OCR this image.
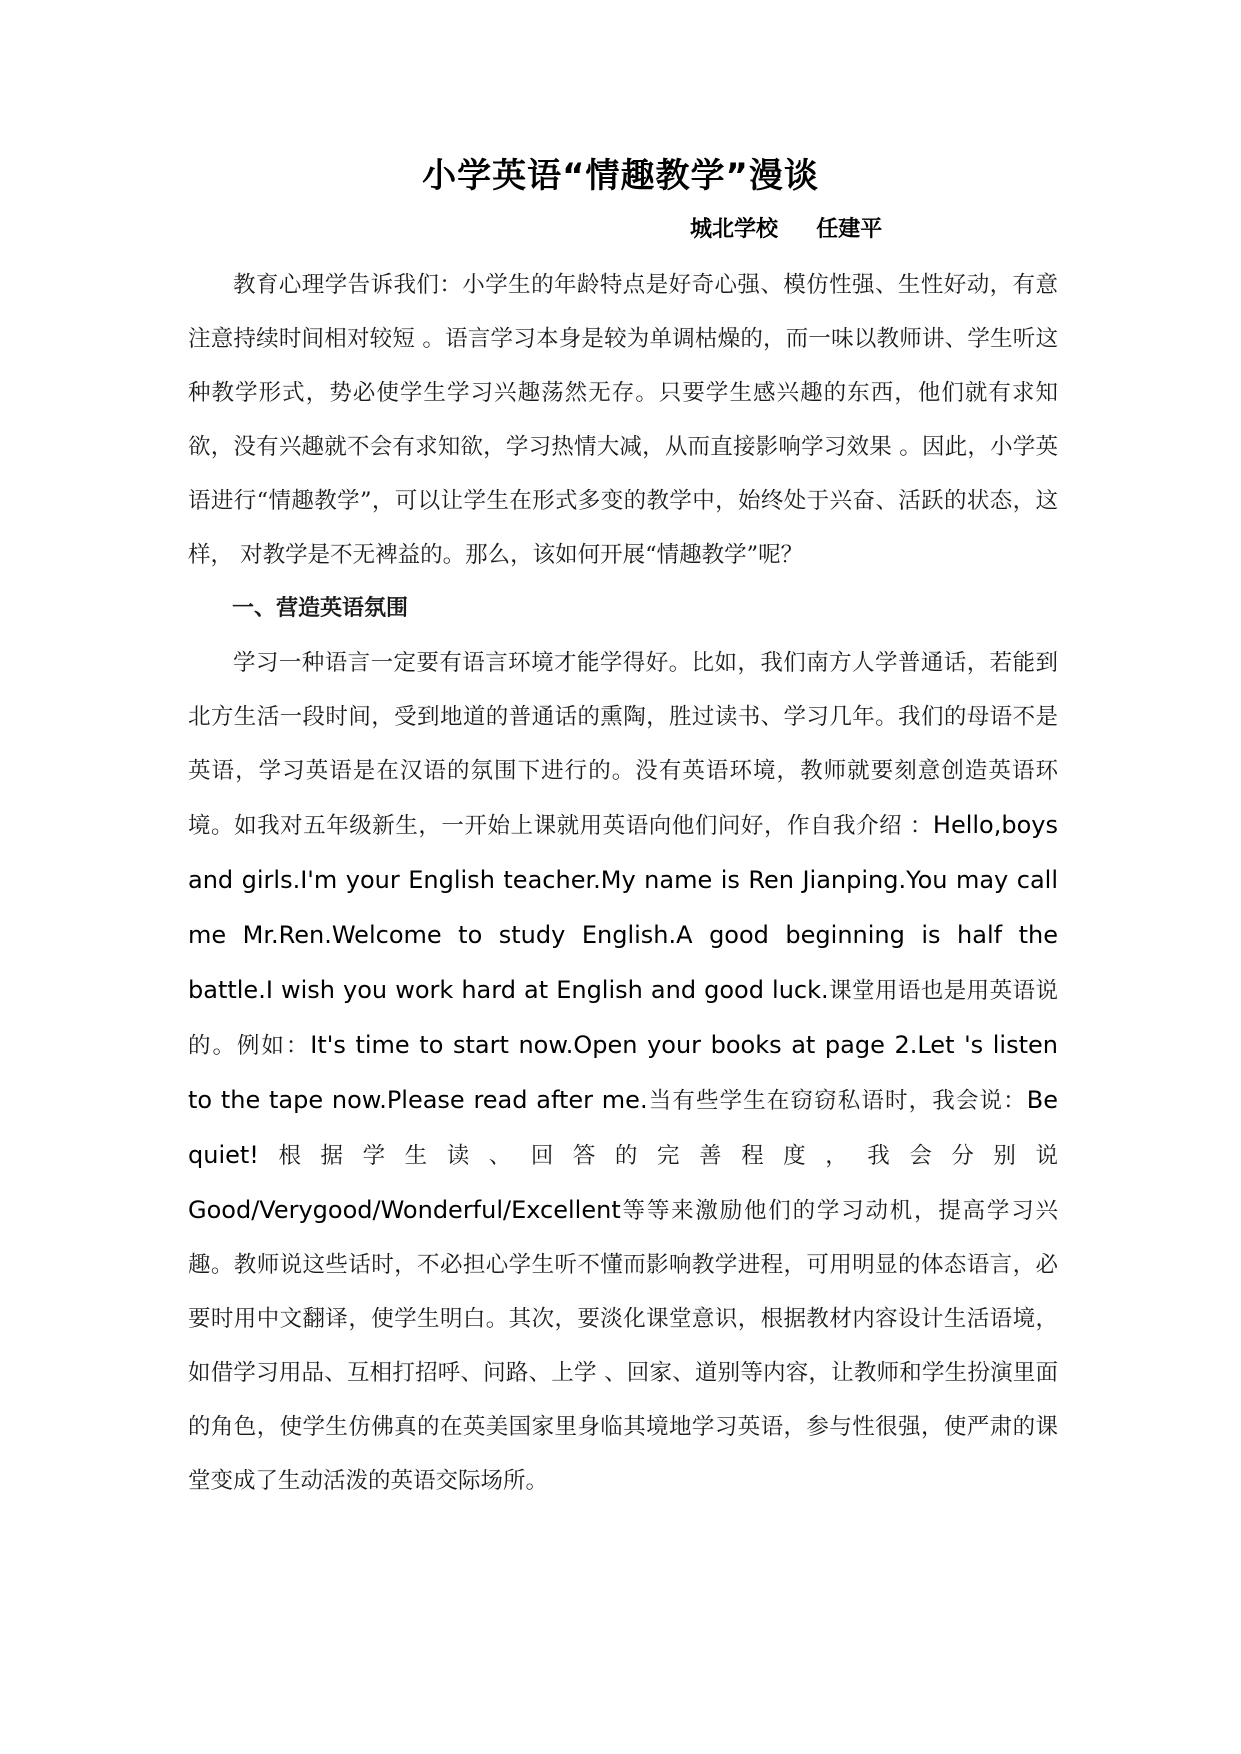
小学英语“情趣教学”漫谈
城北学校     任建平

教育心理学告诉我们：小学生的年龄特点是好奇心强、模仿性强、生性好动，有意注意持续时间相对较短 。语言学习本身是较为单调枯燥的，而一味以教师讲、学生听这种教学形式，势必使学生学习兴趣荡然无存。只要学生感兴趣的东西，他们就有求知欲，没有兴趣就不会有求知欲，学习热情大减，从而直接影响学习效果 。因此，小学英语进行“情趣教学”，可以让学生在形式多变的教学中，始终处于兴奋、活跃的状态，这样， 对教学是不无裨益的。那么，该如何开展“情趣教学”呢？

一、营造英语氛围

学习一种语言一定要有语言环境才能学得好。比如，我们南方人学普通话，若能到北方生活一段时间，受到地道的普通话的熏陶，胜过读书、学习几年。我们的母语不是英语，学习英语是在汉语的氛围下进行的。没有英语环境，教师就要刻意创造英语环境。如我对五年级新生，一开始上课就用英语向他们问好，作自我介绍 ：Hello,boys and girls.I'm your English teacher.My name is Ren Jianping.You may call me Mr.Ren.Welcome to study English.A good beginning is half the battle.I wish you work hard at English and good luck.课堂用语也是用英语说的。例如：It's time to start now.Open your books at page 2.Let 's listen to the tape now.Please read after me.当有些学生在窃窃私语时，我会说：Be quiet!根据学生读、回答的完善程度，我会分别说Good/Verygood/Wonderful/Excellent等等来激励他们的学习动机，提高学习兴趣。教师说这些话时，不必担心学生听不懂而影响教学进程，可用明显的体态语言，必要时用中文翻译，使学生明白。其次，要淡化课堂意识，根据教材内容设计生活语境，如借学习用品、互相打招呼、问路、上学 、回家、道别等内容，让教师和学生扮演里面的角色，使学生仿佛真的在英美国家里身临其境地学习英语，参与性很强，使严肃的课堂变成了生动活泼的英语交际场所。
